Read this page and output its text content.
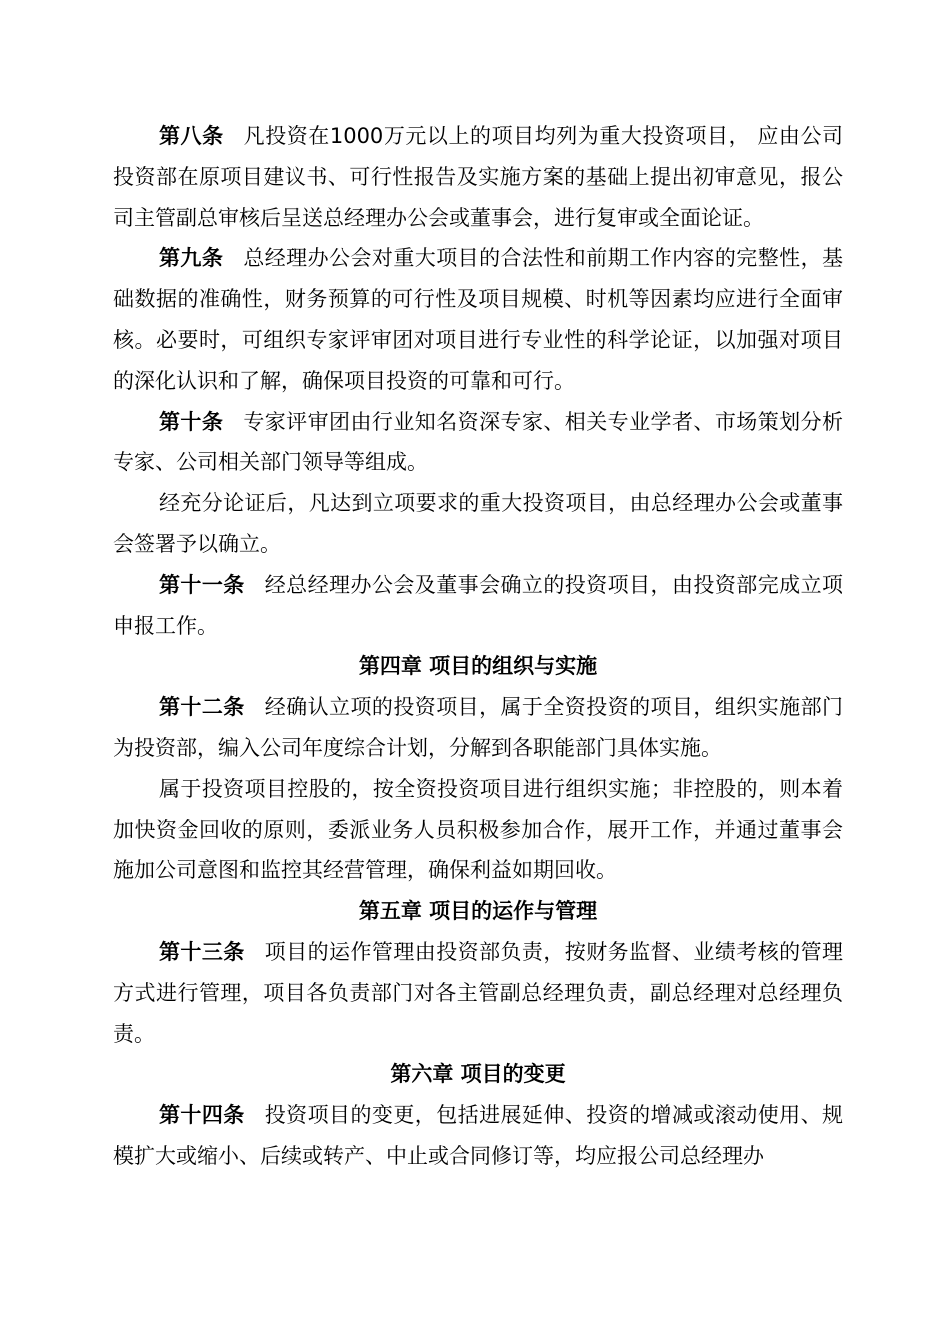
第八条 凡投资在1000万元以上的项目均列为重大投资项目， 应由公司投资部在原项目建议书、可行性报告及实施方案的基础上提出初审意见，报公司主管副总审核后呈送总经理办公会或董事会，进行复审或全面论证。

第九条 总经理办公会对重大项目的合法性和前期工作内容的完整性，基础数据的准确性，财务预算的可行性及项目规模、时机等因素均应进行全面审核。必要时，可组织专家评审团对项目进行专业性的科学论证，以加强对项目的深化认识和了解，确保项目投资的可靠和可行。

第十条 专家评审团由行业知名资深专家、相关专业学者、市场策划分析专家、公司相关部门领导等组成。

经充分论证后，凡达到立项要求的重大投资项目，由总经理办公会或董事会签署予以确立。

第十一条 经总经理办公会及董事会确立的投资项目，由投资部完成立项申报工作。

第四章 项目的组织与实施

第十二条 经确认立项的投资项目，属于全资投资的项目，组织实施部门为投资部，编入公司年度综合计划，分解到各职能部门具体实施。

属于投资项目控股的，按全资投资项目进行组织实施；非控股的，则本着加快资金回收的原则，委派业务人员积极参加合作，展开工作，并通过董事会施加公司意图和监控其经营管理，确保利益如期回收。

第五章 项目的运作与管理

第十三条 项目的运作管理由投资部负责，按财务监督、业绩考核的管理方式进行管理，项目各负责部门对各主管副总经理负责，副总经理对总经理负责。

第六章 项目的变更

第十四条 投资项目的变更，包括进展延伸、投资的增减或滚动使用、规模扩大或缩小、后续或转产、中止或合同修订等，均应报公司总经理办
